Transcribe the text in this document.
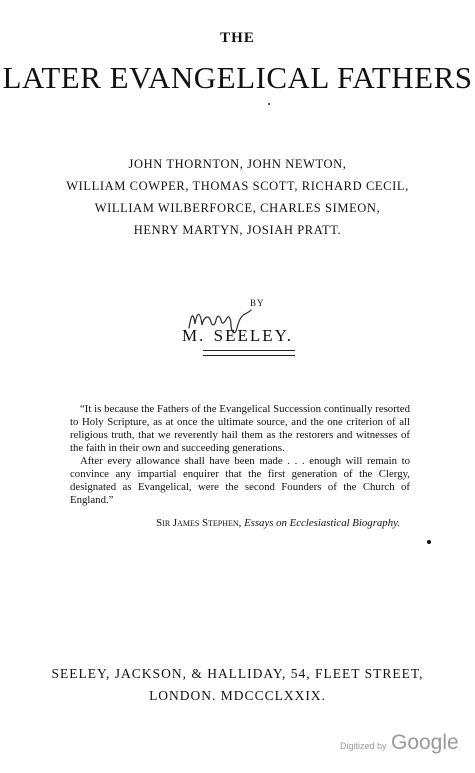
THE
LATER EVANGELICAL FATHERS
JOHN THORNTON, JOHN NEWTON,
WILLIAM COWPER, THOMAS SCOTT, RICHARD CECIL,
WILLIAM WILBERFORCE, CHARLES SIMEON,
HENRY MARTYN, JOSIAH PRATT.
BY
M. SEELEY.

“It is because the Fathers of the Evangelical Succession continually resorted to Holy Scripture, as at once the ultimate source, and the one criterion of all religious truth, that we reverently hail them as the restorers and witnesses of the faith in their own and succeeding generations.

After every allowance shall have been made . . . enough will remain to convince any impartial enquirer that the first generation of the Clergy, designated as Evangelical, were the second Founders of the Church of England.”

Sir James Stephen, Essays on Ecclesiastical Biography.
SEELEY, JACKSON, & HALLIDAY, 54, FLEET STREET,
LONDON. MDCCCLXXIX.
Digitized by Google
